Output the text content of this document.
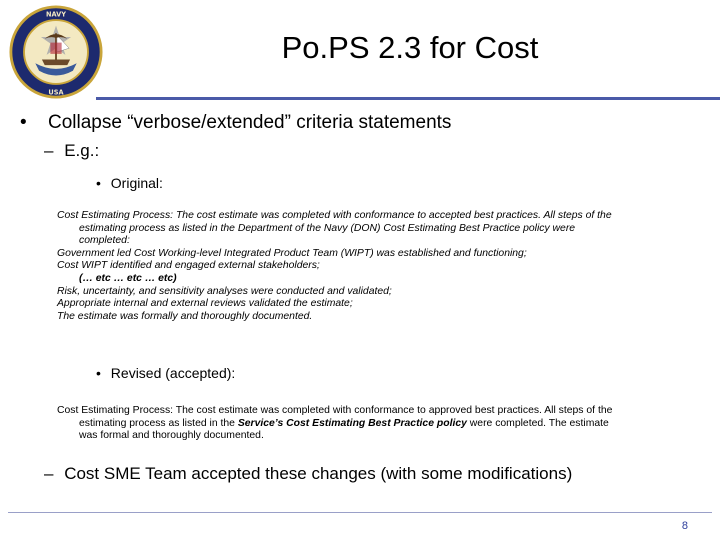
NAVY
USA
Po.PS 2.3 for Cost
• Collapse “verbose/extended” criteria statements
– E.g.:
• Original:
Cost Estimating Process: The cost estimate was completed with conformance to accepted best practices. All steps of the
estimating process as listed in the Department of the Navy (DON) Cost Estimating Best Practice policy were
completed:
Government led Cost Working-level Integrated Product Team (WIPT) was established and functioning;
Cost WIPT identified and engaged external stakeholders;
(… etc … etc … etc)
Risk, uncertainty, and sensitivity analyses were conducted and validated;
Appropriate internal and external reviews validated the estimate;
The estimate was formally and thoroughly documented.
• Revised (accepted):
Cost Estimating Process: The cost estimate was completed with conformance to approved best practices. All steps of the
estimating process as listed in the Service’s Cost Estimating Best Practice policy were completed. The estimate
was formal and thoroughly documented.
– Cost SME Team accepted these changes (with some modifications)
8
